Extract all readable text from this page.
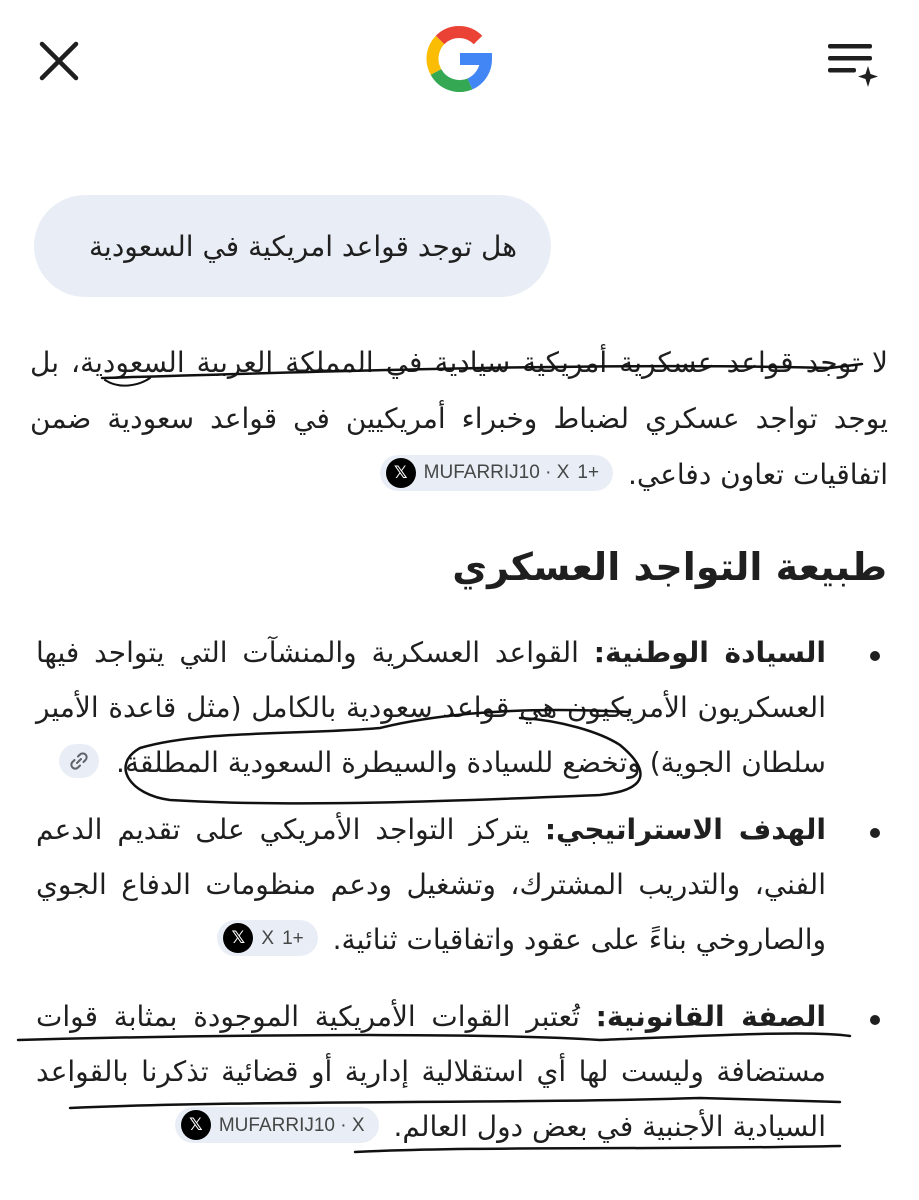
هل توجد قواعد امريكية في السعودية
لا توجد قواعد عسكرية أمريكية سيادية في المملكة العربية السعودية، بل يوجد تواجد عسكري لضباط وخبراء أمريكيين في قواعد سعودية ضمن اتفاقيات تعاون دفاعي.
𝕏 MUFARRIJ10 · X 1+
طبيعة التواجد العسكري
السيادة الوطنية: القواعد العسكرية والمنشآت التي يتواجد فيها العسكريون الأمريكيون هي قواعد سعودية بالكامل (مثل قاعدة الأمير سلطان الجوية) وتخضع للسيادة والسيطرة السعودية المطلقة.
الهدف الاستراتيجي: يتركز التواجد الأمريكي على تقديم الدعم الفني، والتدريب المشترك، وتشغيل ودعم منظومات الدفاع الجوي والصاروخي بناءً على عقود واتفاقيات ثنائية.
𝕏 X 1+
الصفة القانونية: تُعتبر القوات الأمريكية الموجودة بمثابة قوات مستضافة وليست لها أي استقلالية إدارية أو قضائية تذكرنا بالقواعد السيادية الأجنبية في بعض دول العالم.
𝕏 MUFARRIJ10 · X
